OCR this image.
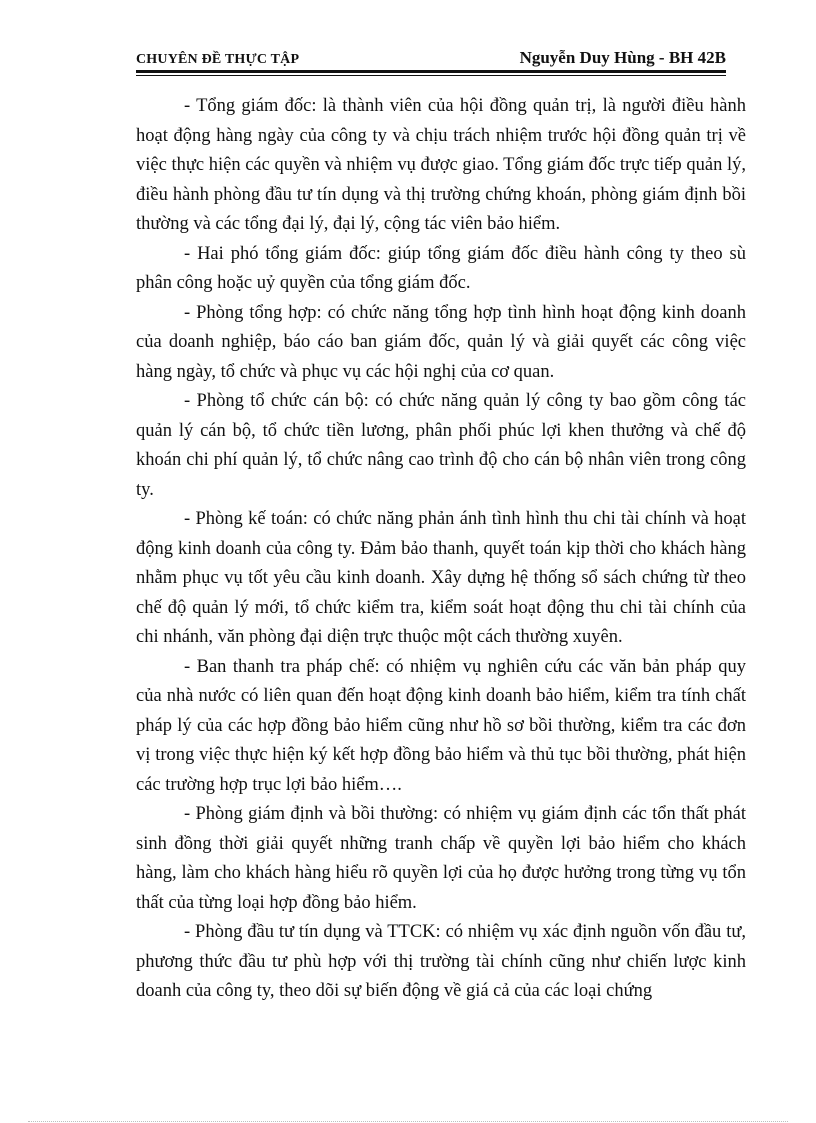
CHUYÊN ĐỀ THỰC TẬP	Nguyễn Duy Hùng - BH 42B

- Tổng giám đốc: là thành viên của hội đồng quản trị, là người điều hành hoạt động hàng ngày của công ty và chịu trách nhiệm trước hội đồng quản trị về việc thực hiện các quyền và nhiệm vụ được giao. Tổng giám đốc trực tiếp quản lý, điều hành phòng đầu tư tín dụng và thị trường chứng khoán, phòng giám định bồi thường và các tổng đại lý, đại lý, cộng tác viên bảo hiểm.

- Hai phó tổng giám đốc: giúp tổng giám đốc điều hành công ty theo sù phân công hoặc uỷ quyền của tổng giám đốc.

- Phòng tổng hợp: có chức năng tổng hợp tình hình hoạt động kinh doanh của doanh nghiệp, báo cáo ban giám đốc, quản lý và giải quyết các công việc hàng ngày, tổ chức và phục vụ các hội nghị của cơ quan.

- Phòng tổ chức cán bộ: có chức năng quản lý công ty bao gồm công tác quản lý cán bộ, tổ chức tiền lương, phân phối phúc lợi khen thưởng và chế độ khoán chi phí quản lý, tổ chức nâng cao trình độ cho cán bộ nhân viên trong công ty.

- Phòng kế toán: có chức năng phản ánh tình hình thu chi tài chính và hoạt động kinh doanh của công ty. Đảm bảo thanh, quyết toán kịp thời cho khách hàng nhằm phục vụ tốt yêu cầu kinh doanh. Xây dựng hệ thống sổ sách chứng từ theo chế độ quản lý mới, tổ chức kiểm tra, kiểm soát hoạt động thu chi tài chính của chi nhánh, văn phòng đại diện trực thuộc một cách thường xuyên.

- Ban thanh tra pháp chế: có nhiệm vụ nghiên cứu các văn bản pháp quy của nhà nước có liên quan đến hoạt động kinh doanh bảo hiểm, kiểm tra tính chất pháp lý của các hợp đồng bảo hiểm cũng như hồ sơ bồi thường, kiểm tra các đơn vị trong việc thực hiện ký kết hợp đồng bảo hiểm và thủ tục bồi thường, phát hiện các trường hợp trục lợi bảo hiểm….

- Phòng giám định và bồi thường: có nhiệm vụ giám định các tổn thất phát sinh đồng thời giải quyết những tranh chấp về quyền lợi bảo hiểm cho khách hàng, làm cho khách hàng hiểu rõ quyền lợi của họ được hưởng trong từng vụ tổn thất của từng loại hợp đồng bảo hiểm.

- Phòng đầu tư tín dụng và TTCK: có nhiệm vụ xác định nguồn vốn đầu tư, phương thức đầu tư phù hợp với thị trường tài chính cũng như chiến lược kinh doanh của công ty, theo dõi sự biến động về giá cả của các loại chứng
